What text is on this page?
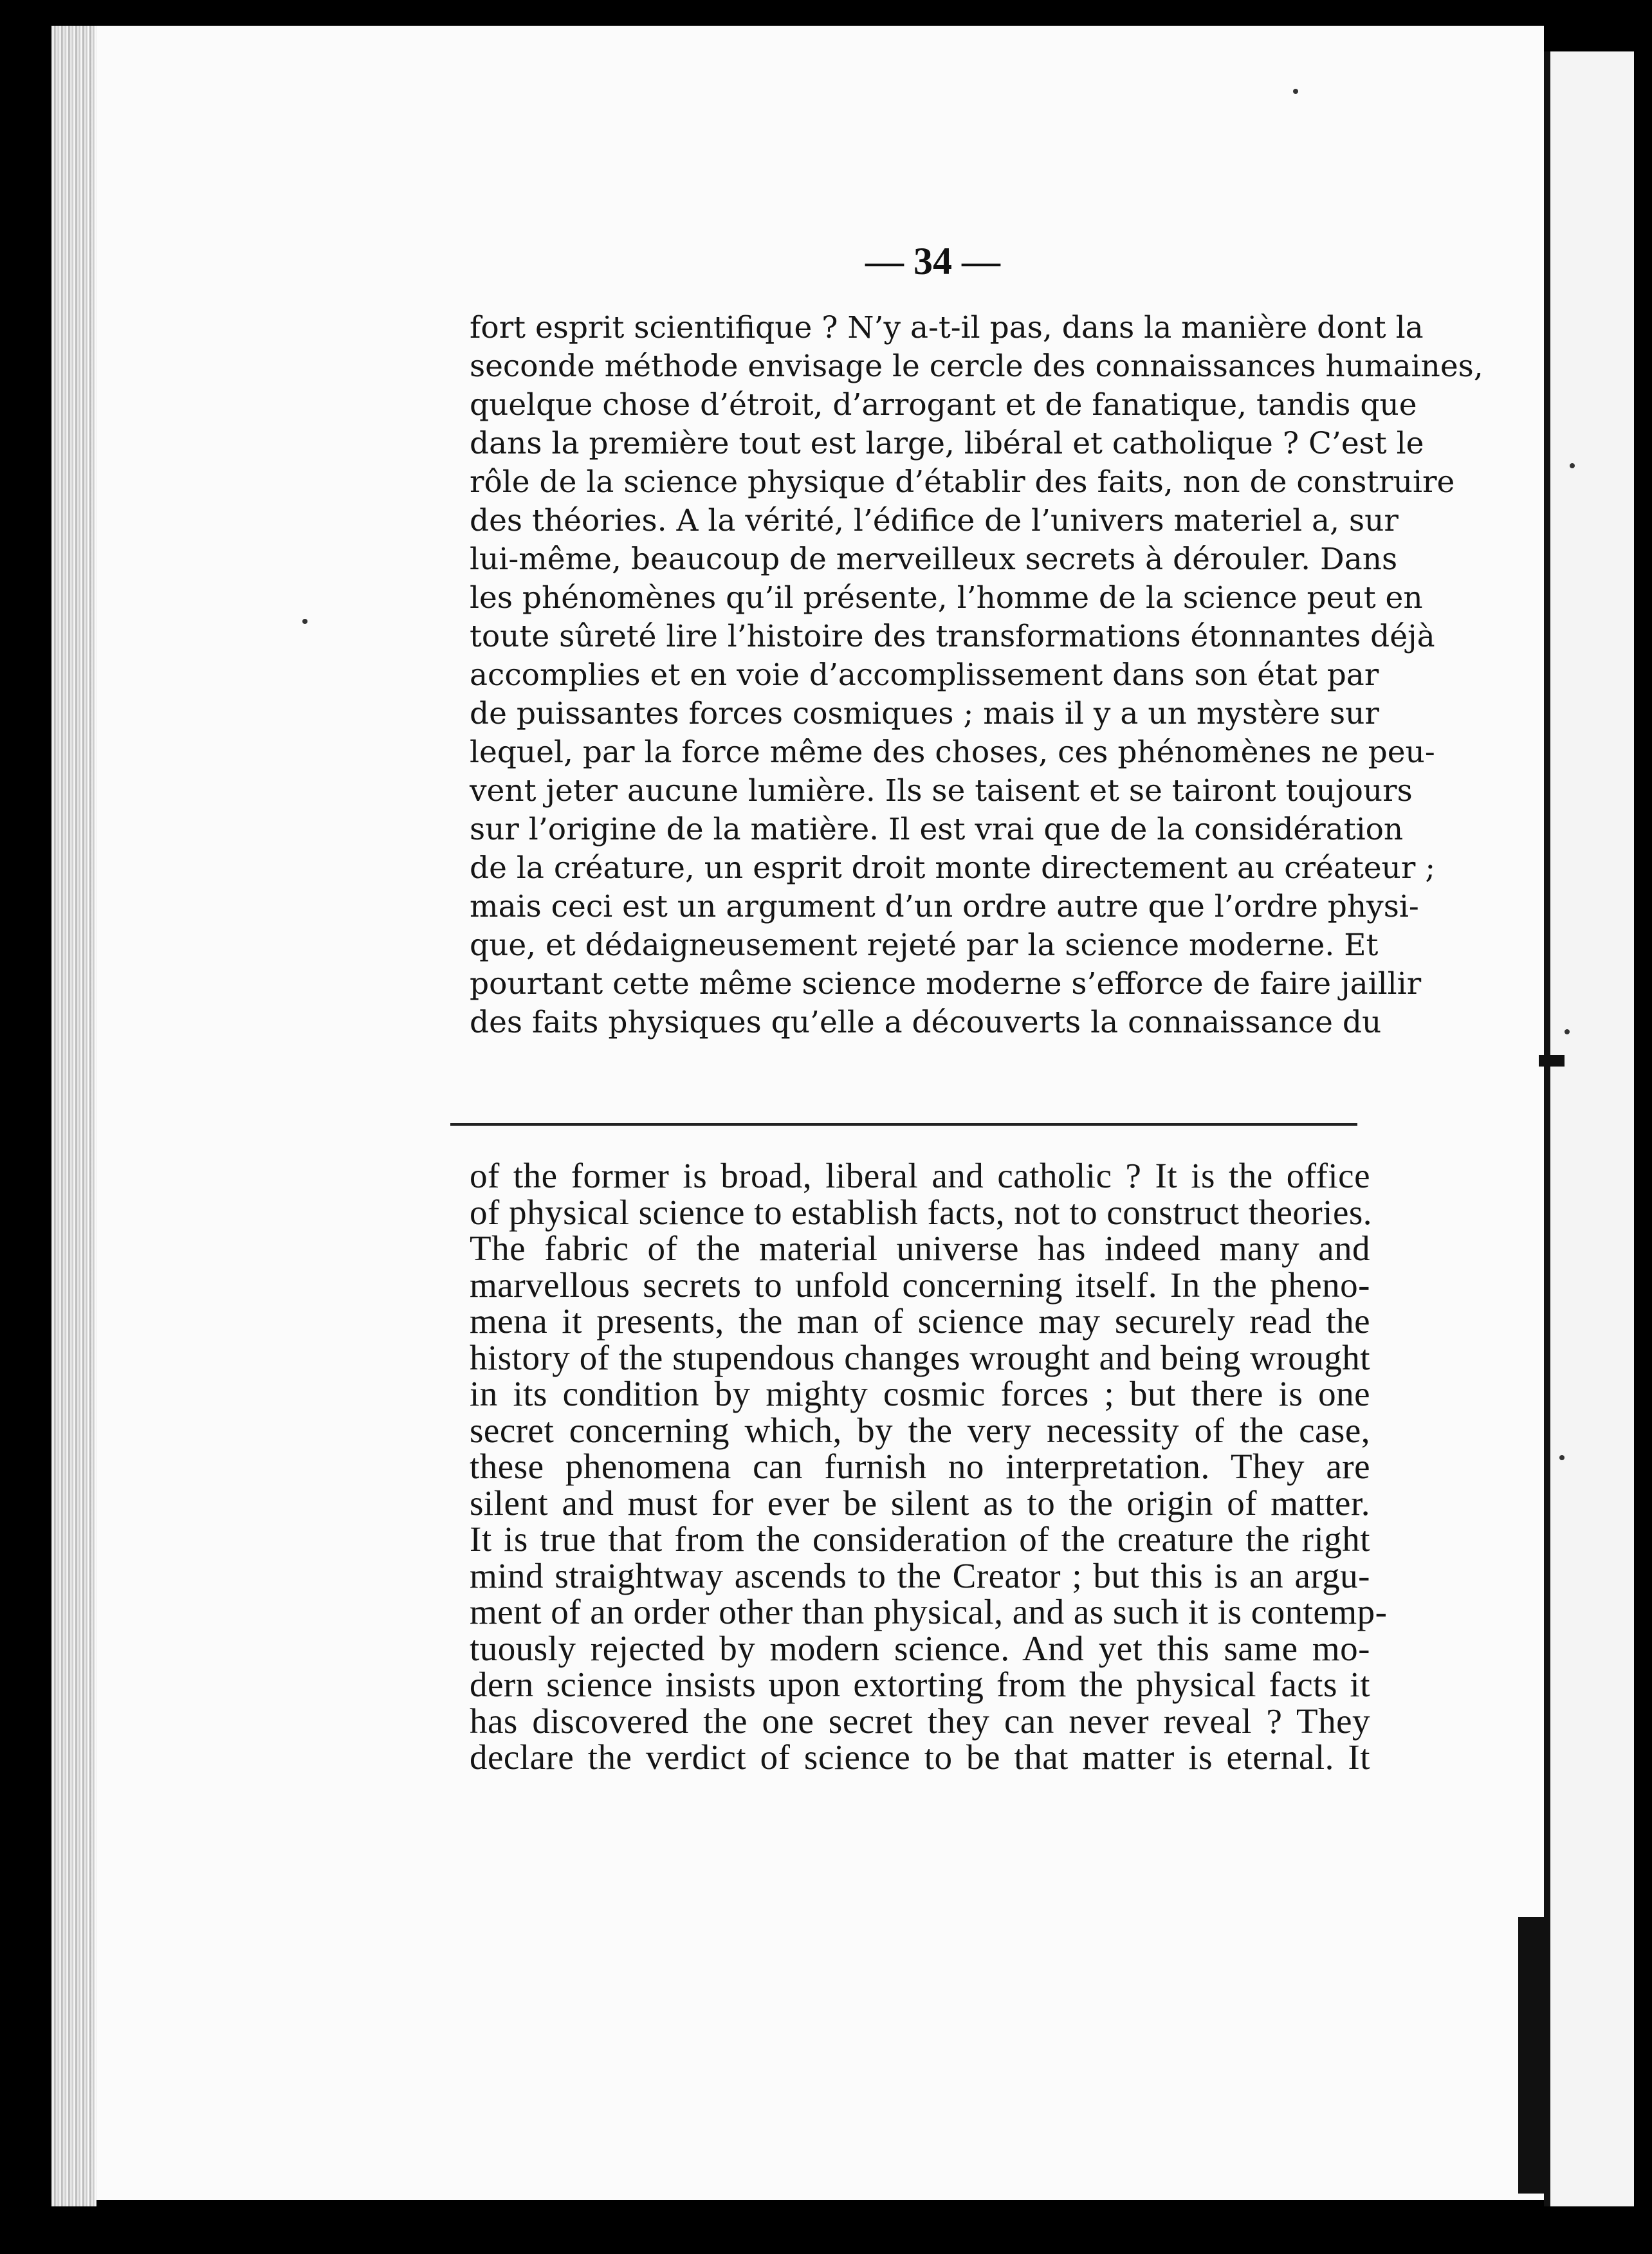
— 34 —
fort esprit scientifique ? N’y a-t-il pas, dans la manière dont la
seconde méthode envisage le cercle des connaissances humaines,
quelque chose d’étroit, d’arrogant et de fanatique, tandis que
dans la première tout est large, libéral et catholique ? C’est le
rôle de la science physique d’établir des faits, non de construire
des théories. A la vérité, l’édifice de l’univers materiel a, sur
lui-même, beaucoup de merveilleux secrets à dérouler. Dans
les phénomènes qu’il présente, l’homme de la science peut en
toute sûreté lire l’histoire des transformations étonnantes déjà
accomplies et en voie d’accomplissement dans son état par
de puissantes forces cosmiques ; mais il y a un mystère sur
lequel, par la force même des choses, ces phénomènes ne peu-
vent jeter aucune lumière. Ils se taisent et se tairont toujours
sur l’origine de la matière. Il est vrai que de la considération
de la créature, un esprit droit monte directement au créateur ;
mais ceci est un argument d’un ordre autre que l’ordre physi-
que, et dédaigneusement rejeté par la science moderne. Et
pourtant cette même science moderne s’efforce de faire jaillir
des faits physiques qu’elle a découverts la connaissance du
of the former is broad, liberal and catholic ? It is the office
of physical science to establish facts, not to construct theories.
The fabric of the material universe has indeed many and
marvellous secrets to unfold concerning itself. In the pheno-
mena it presents, the man of science may securely read the
history of the stupendous changes wrought and being wrought
in its condition by mighty cosmic forces ; but there is one
secret concerning which, by the very necessity of the case,
these phenomena can furnish no interpretation. They are
silent and must for ever be silent as to the origin of matter.
It is true that from the consideration of the creature the right
mind straightway ascends to the Creator ; but this is an argu-
ment of an order other than physical, and as such it is contemp-
tuously rejected by modern science. And yet this same mo-
dern science insists upon extorting from the physical facts it
has discovered the one secret they can never reveal ? They
declare the verdict of science to be that matter is eternal. It
